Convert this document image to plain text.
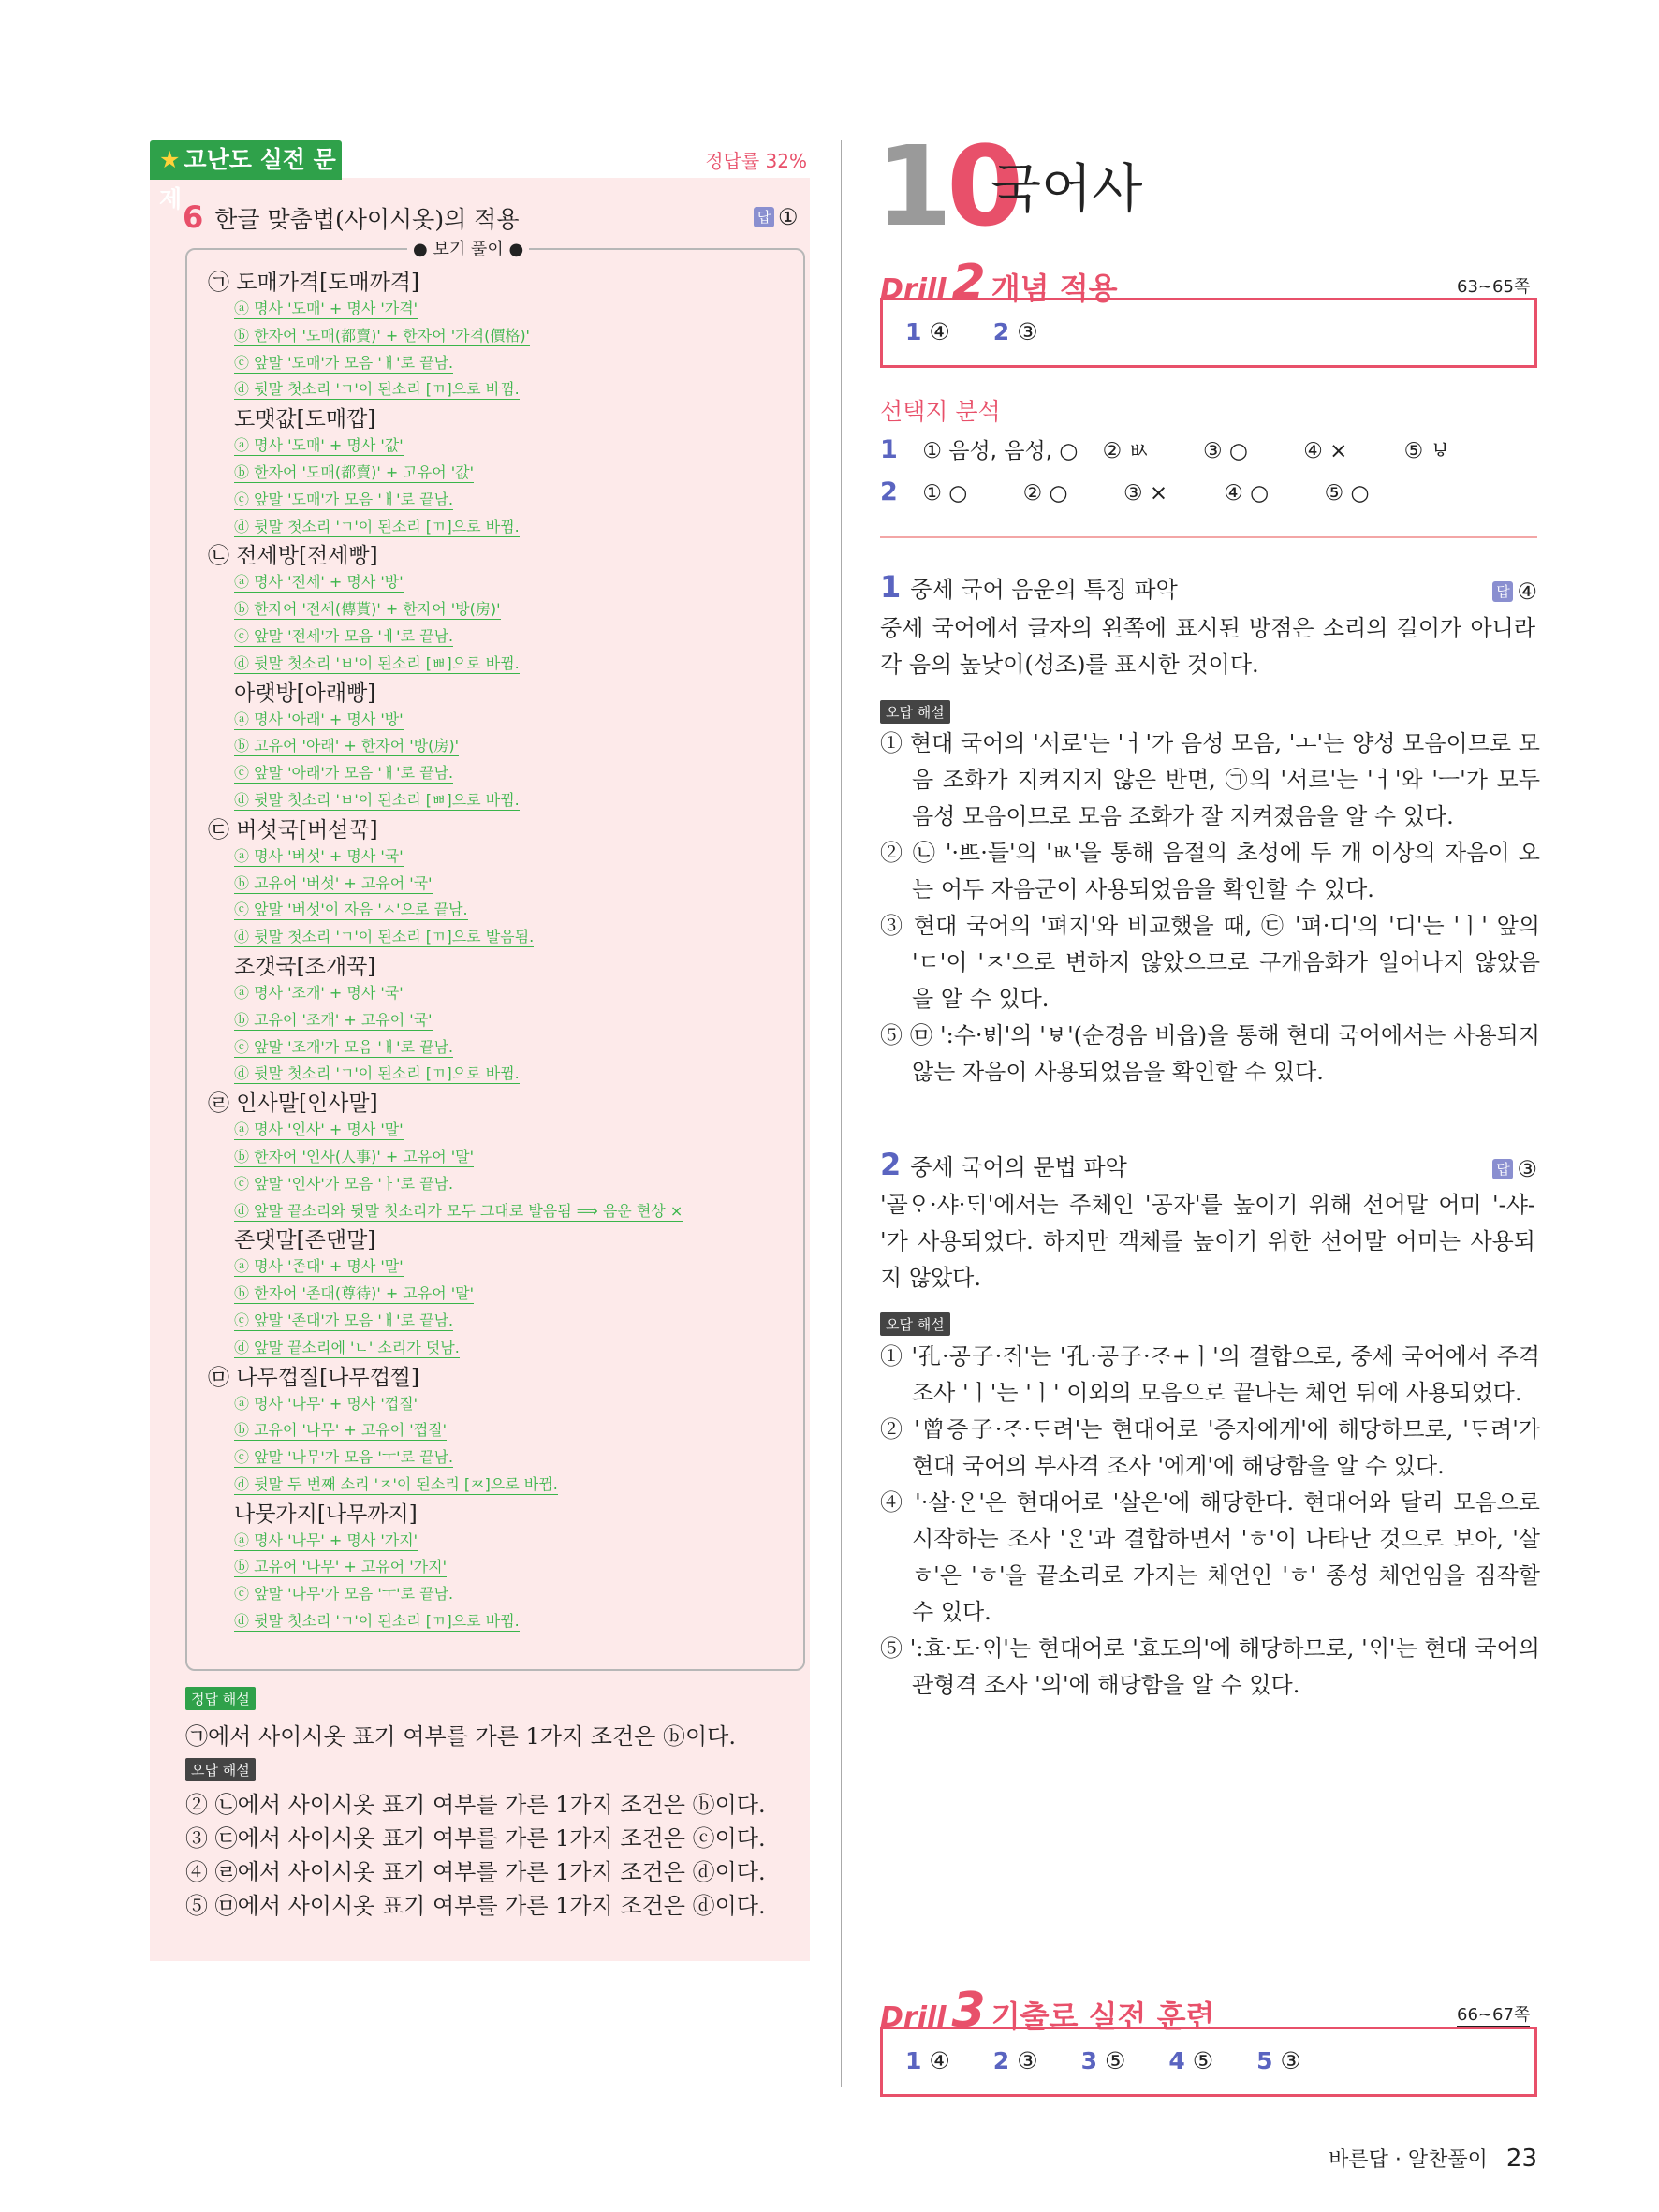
★ 고난도 실전 문제
정답률 32%
6 한글 맞춤법(사이시옷)의 적용	답 ①
● 보기 풀이 ●
㉠ 도매가격[도매까격]
ⓐ 명사 '도매' + 명사 '가격'
ⓑ 한자어 '도매(都賣)' + 한자어 '가격(價格)'
ⓒ 앞말 '도매'가 모음 'ㅐ'로 끝남.
ⓓ 뒷말 첫소리 'ㄱ'이 된소리 [ㄲ]으로 바뀜.
도맷값[도매깝]
ⓐ 명사 '도매' + 명사 '값'
ⓑ 한자어 '도매(都賣)' + 고유어 '값'
ⓒ 앞말 '도매'가 모음 'ㅐ'로 끝남.
ⓓ 뒷말 첫소리 'ㄱ'이 된소리 [ㄲ]으로 바뀜.
㉡ 전세방[전세빵]
ⓐ 명사 '전세' + 명사 '방'
ⓑ 한자어 '전세(傳貰)' + 한자어 '방(房)'
ⓒ 앞말 '전세'가 모음 'ㅔ'로 끝남.
ⓓ 뒷말 첫소리 'ㅂ'이 된소리 [ㅃ]으로 바뀜.
아랫방[아래빵]
ⓐ 명사 '아래' + 명사 '방'
ⓑ 고유어 '아래' + 한자어 '방(房)'
ⓒ 앞말 '아래'가 모음 'ㅐ'로 끝남.
ⓓ 뒷말 첫소리 'ㅂ'이 된소리 [ㅃ]으로 바뀜.
㉢ 버섯국[버섣꾹]
ⓐ 명사 '버섯' + 명사 '국'
ⓑ 고유어 '버섯' + 고유어 '국'
ⓒ 앞말 '버섯'이 자음 'ㅅ'으로 끝남.
ⓓ 뒷말 첫소리 'ㄱ'이 된소리 [ㄲ]으로 발음됨.
조갯국[조개꾹]
ⓐ 명사 '조개' + 명사 '국'
ⓑ 고유어 '조개' + 고유어 '국'
ⓒ 앞말 '조개'가 모음 'ㅐ'로 끝남.
ⓓ 뒷말 첫소리 'ㄱ'이 된소리 [ㄲ]으로 바뀜.
㉣ 인사말[인사말]
ⓐ 명사 '인사' + 명사 '말'
ⓑ 한자어 '인사(人事)' + 고유어 '말'
ⓒ 앞말 '인사'가 모음 'ㅏ'로 끝남.
ⓓ 앞말 끝소리와 뒷말 첫소리가 모두 그대로 발음됨 ⟹ 음운 현상 ×
존댓말[존댄말]
ⓐ 명사 '존대' + 명사 '말'
ⓑ 한자어 '존대(尊待)' + 고유어 '말'
ⓒ 앞말 '존대'가 모음 'ㅐ'로 끝남.
ⓓ 앞말 끝소리에 'ㄴ' 소리가 덧남.
㉤ 나무껍질[나무껍찔]
ⓐ 명사 '나무' + 명사 '껍질'
ⓑ 고유어 '나무' + 고유어 '껍질'
ⓒ 앞말 '나무'가 모음 'ㅜ'로 끝남.
ⓓ 뒷말 두 번째 소리 'ㅈ'이 된소리 [ㅉ]으로 바뀜.
나뭇가지[나무까지]
ⓐ 명사 '나무' + 명사 '가지'
ⓑ 고유어 '나무' + 고유어 '가지'
ⓒ 앞말 '나무'가 모음 'ㅜ'로 끝남.
ⓓ 뒷말 첫소리 'ㄱ'이 된소리 [ㄲ]으로 바뀜.
정답 해설
㉠에서 사이시옷 표기 여부를 가른 1가지 조건은 ⓑ이다.
오답 해설
② ㉡에서 사이시옷 표기 여부를 가른 1가지 조건은 ⓑ이다.
③ ㉢에서 사이시옷 표기 여부를 가른 1가지 조건은 ⓒ이다.
④ ㉣에서 사이시옷 표기 여부를 가른 1가지 조건은 ⓓ이다.
⑤ ㉤에서 사이시옷 표기 여부를 가른 1가지 조건은 ⓓ이다.
10
국어사
Drill 2 개념 적용	63~65쪽
1 ④ 2 ③
선택지 분석
1 ① 음성, 음성, ○ ② ㅄ ③ ○	④ ×	⑤ ㅸ
2 ① ○	② ○	③ ×	④ ○	⑤ ○
1 중세 국어 음운의 특징 파악	답 ④
중세 국어에서 글자의 왼쪽에 표시된 방점은 소리의 길이가 아니라 각 음의 높낮이(성조)를 표시한 것이다.
오답 해설
① 현대 국어의 '서로'는 'ㅓ'가 음성 모음, 'ㅗ'는 양성 모음이므로 모음 조화가 지켜지지 않은 반면, ㉠의 '서르'는 'ㅓ'와 'ㅡ'가 모두 음성 모음이므로 모음 조화가 잘 지켜졌음을 알 수 있다.
② ㉡ '·ᄠᅳ·들'의 'ㅄ'을 통해 음절의 초성에 두 개 이상의 자음이 오는 어두 자음군이 사용되었음을 확인할 수 있다.
③ 현대 국어의 '펴지'와 비교했을 때, ㉢ '펴·디'의 '디'는 'ㅣ' 앞의 'ㄷ'이 'ㅈ'으로 변하지 않았으므로 구개음화가 일어나지 않았음을 알 수 있다.
⑤ ㉤ ':수·ᄫᅵ'의 'ㅸ'(순경음 비읍)을 통해 현대 국어에서는 사용되지 않는 자음이 사용되었음을 확인할 수 있다.
2 중세 국어의 문법 파악	답 ③
'골ᄋᆞ·샤·ᄃᆡ'에서는 주체인 '공자'를 높이기 위해 선어말 어미 '-샤-'가 사용되었다. 하지만 객체를 높이기 위한 선어말 어미는 사용되지 않았다.
오답 해설
① '孔·공子·ᄌᆡ'는 '孔·공子·ᄌᆞ+ㅣ'의 결합으로, 중세 국어에서 주격 조사 'ㅣ'는 'ㅣ' 이외의 모음으로 끝나는 체언 뒤에 사용되었다.
② '曾증子·ᄌᆞ·ᄃᆞ려'는 현대어로 '증자에게'에 해당하므로, 'ᄃᆞ려'가 현대 국어의 부사격 조사 '에게'에 해당함을 알 수 있다.
④ '·살·ᄋᆞᆫ'은 현대어로 '살은'에 해당한다. 현대어와 달리 모음으로 시작하는 조사 'ᄋᆞᆫ'과 결합하면서 'ㅎ'이 나타난 것으로 보아, '살ㅎ'은 'ㅎ'을 끝소리로 가지는 체언인 'ㅎ' 종성 체언임을 짐작할 수 있다.
⑤ ':효·도·ᄋᆡ'는 현대어로 '효도의'에 해당하므로, 'ᄋᆡ'는 현대 국어의 관형격 조사 '의'에 해당함을 알 수 있다.
Drill 3 기출로 실전 훈련	66~67쪽
1 ④ 2 ③ 3 ⑤ 4 ⑤ 5 ③
바른답 · 알찬풀이 23
